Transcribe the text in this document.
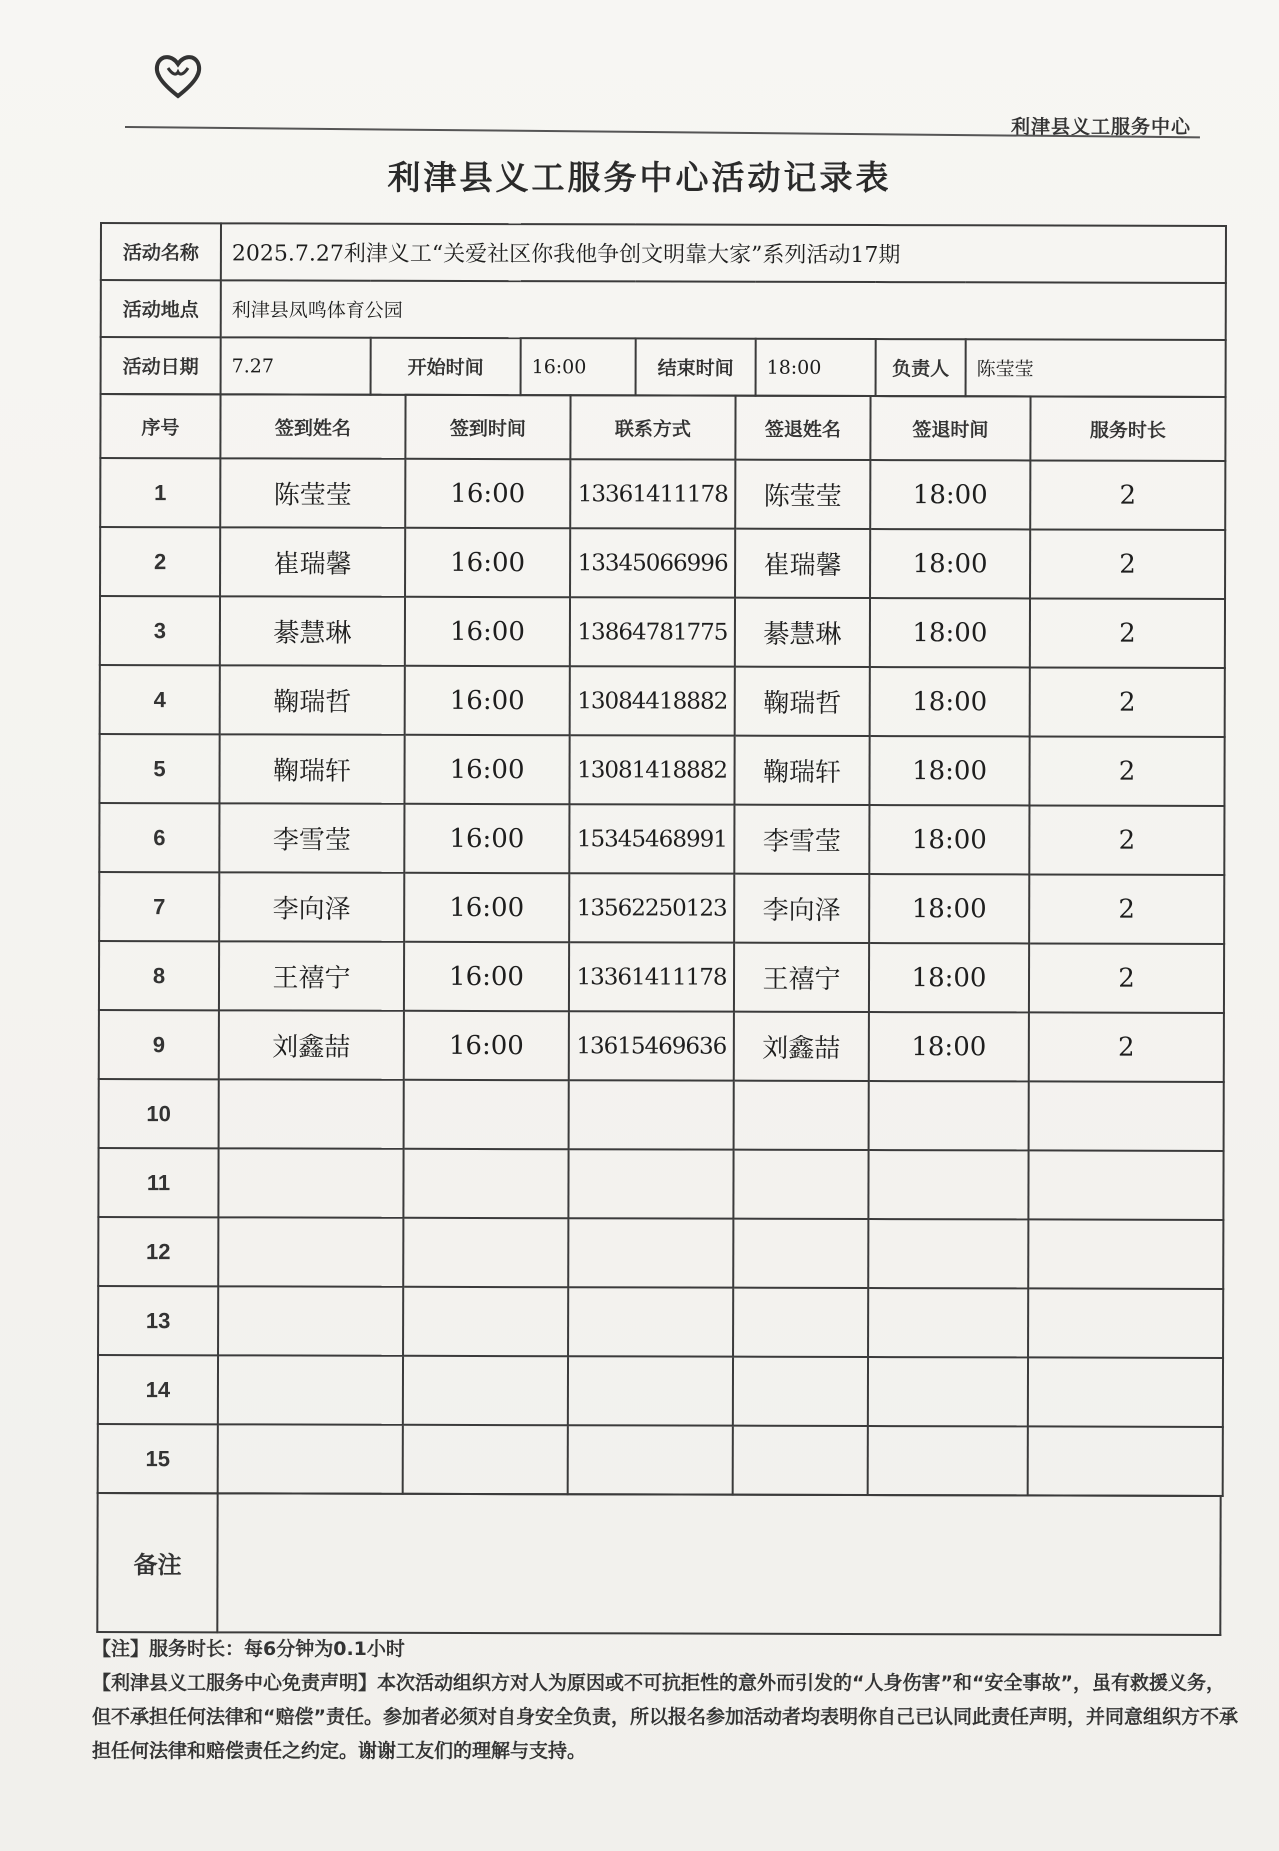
利津县义工服务中心
利津县义工服务中心活动记录表
活动名称	2025.7.27利津义工“关爱社区你我他争创文明靠大家”系列活动17期						
活动地点	利津县凤鸣体育公园						
活动日期	7.27	开始时间	16:00	结束时间	18:00	负责人	陈莹莹
序号	签到姓名	签到时间	联系方式	签退姓名	签退时间	服务时长
1	陈莹莹	16:00	13361411178	陈莹莹	18:00	2
2	崔瑞馨	16:00	13345066996	崔瑞馨	18:00	2
3	綦慧琳	16:00	13864781775	綦慧琳	18:00	2
4	鞠瑞哲	16:00	13084418882	鞠瑞哲	18:00	2
5	鞠瑞轩	16:00	13081418882	鞠瑞轩	18:00	2
6	李雪莹	16:00	15345468991	李雪莹	18:00	2
7	李向泽	16:00	13562250123	李向泽	18:00	2
8	王禧宁	16:00	13361411178	王禧宁	18:00	2
9	刘鑫喆	16:00	13615469636	刘鑫喆	18:00	2
10						
11						
12						
13						
14						
15						
备注	

【注】服务时长：每6分钟为0.1小时

【利津县义工服务中心免责声明】本次活动组织方对人为原因或不可抗拒性的意外而引发的“人身伤害”和“安全事故”，虽有救援义务，但不承担任何法律和“赔偿”责任。参加者必须对自身安全负责，所以报名参加活动者均表明你自己已认同此责任声明，并同意组织方不承担任何法律和赔偿责任之约定。谢谢工友们的理解与支持。
